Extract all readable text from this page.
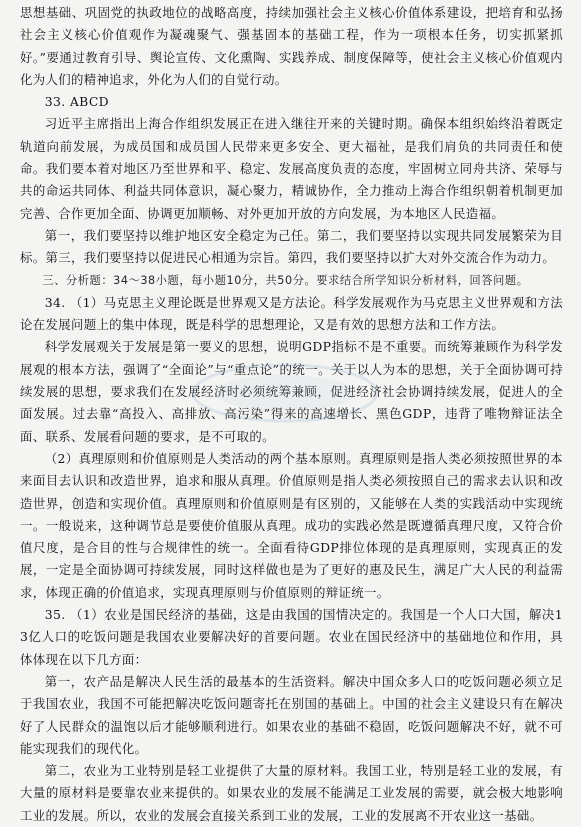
思想基础、巩固党的执政地位的战略高度，持续加强社会主义核心价值体系建设，把培育和弘扬社会主义核心价值观作为凝魂聚气、强基固本的基础工程，作为一项根本任务，切实抓紧抓好。”要通过教育引导、舆论宣传、文化熏陶、实践养成、制度保障等，使社会主义核心价值观内化为人们的精神追求，外化为人们的自觉行动。

33. ABCD

习近平主席指出上海合作组织发展正在进入继往开来的关键时期。确保本组织始终沿着既定轨道向前发展，为成员国和成员国人民带来更多安全、更大福祉，是我们肩负的共同责任和使命。我们要本着对地区乃至世界和平、稳定、发展高度负责的态度，牢固树立同舟共济、荣辱与共的命运共同体、利益共同体意识，凝心聚力，精诚协作，全力推动上海合作组织朝着机制更加完善、合作更加全面、协调更加顺畅、对外更加开放的方向发展，为本地区人民造福。

第一，我们要坚持以维护地区安全稳定为己任。第二，我们要坚持以实现共同发展繁荣为目标。第三，我们要坚持以促进民心相通为宗旨。第四，我们要坚持以扩大对外交流合作为动力。

三、分析题：34～38小题，每小题10分，共50分。要求结合所学知识分析材料，回答问题。

34. （1）马克思主义理论既是世界观又是方法论。科学发展观作为马克思主义世界观和方法论在发展问题上的集中体现，既是科学的思想理论，又是有效的思想方法和工作方法。

科学发展观关于发展是第一要义的思想，说明GDP指标不是不重要。而统筹兼顾作为科学发展观的根本方法，强调了“全面论”与“重点论”的统一。关于以人为本的思想，关于全面协调可持续发展的思想，要求我们在发展经济时必须统筹兼顾，促进经济社会协调持续发展，促进人的全面发展。过去靠“高投入、高排放、高污染”得来的高速增长、黑色GDP，违背了唯物辩证法全面、联系、发展看问题的要求，是不可取的。

（2）真理原则和价值原则是人类活动的两个基本原则。真理原则是指人类必须按照世界的本来面目去认识和改造世界，追求和服从真理。价值原则是指人类必须按照自己的需求去认识和改造世界，创造和实现价值。真理原则和价值原则是有区别的，又能够在人类的实践活动中实现统一。一般说来，这种调节总是要使价值服从真理。成功的实践必然是既遵循真理尺度，又符合价值尺度，是合目的性与合规律性的统一。全面看待GDP排位体现的是真理原则，实现真正的发展，一定是全面协调可持续发展，同时这样做也是为了更好的惠及民生，满足广大人民的利益需求，体现正确的价值追求，实现真理原则与价值原则的辩证统一。

35. （1）农业是国民经济的基础，这是由我国的国情决定的。我国是一个人口大国，解决13亿人口的吃饭问题是我国农业要解决好的首要问题。农业在国民经济中的基础地位和作用，具体体现在以下几方面：

第一，农产品是解决人民生活的最基本的生活资料。解决中国众多人口的吃饭问题必须立足于我国农业，我国不可能把解决吃饭问题寄托在别国的基础上。中国的社会主义建设只有在解决好了人民群众的温饱以后才能够顺利进行。如果农业的基础不稳固，吃饭问题解决不好，就不可能实现我们的现代化。

第二，农业为工业特别是轻工业提供了大量的原材料。我国工业，特别是轻工业的发展，有大量的原材料是要靠农业来提供的。如果农业的发展不能满足工业发展的需要，就会极大地影响工业的发展。所以，农业的发展会直接关系到工业的发展，工业的发展离不开农业这一基础。
